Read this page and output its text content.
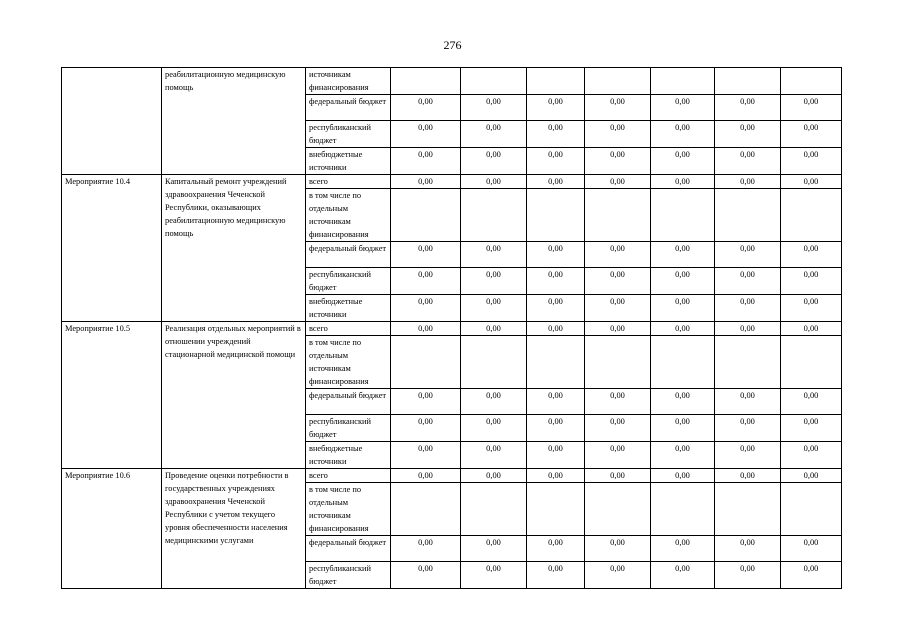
276
	реабилитационную медицинскую помощь	источникам финансирования							
		федеральный бюджет	0,00	0,00	0,00	0,00	0,00	0,00	0,00
		республиканский бюджет	0,00	0,00	0,00	0,00	0,00	0,00	0,00
		внебюджетные источники	0,00	0,00	0,00	0,00	0,00	0,00	0,00
Мероприятие 10.4	Капитальный ремонт учреждений здравоохранения Чеченской Республики, оказывающих реабилитационную медицинскую помощь	всего	0,00	0,00	0,00	0,00	0,00	0,00	0,00
		в том числе по отдельным источникам финансирования							
		федеральный бюджет	0,00	0,00	0,00	0,00	0,00	0,00	0,00
		республиканский бюджет	0,00	0,00	0,00	0,00	0,00	0,00	0,00
		внебюджетные источники	0,00	0,00	0,00	0,00	0,00	0,00	0,00
Мероприятие 10.5	Реализация отдельных мероприятий в отношении учреждений стационарной медицинской помощи	всего	0,00	0,00	0,00	0,00	0,00	0,00	0,00
		в том числе по отдельным источникам финансирования							
		федеральный бюджет	0,00	0,00	0,00	0,00	0,00	0,00	0,00
		республиканский бюджет	0,00	0,00	0,00	0,00	0,00	0,00	0,00
		внебюджетные источники	0,00	0,00	0,00	0,00	0,00	0,00	0,00
Мероприятие 10.6	Проведение оценки потребности в государственных учреждениях здравоохранения Чеченской Республики с учетом текущего уровня обеспеченности населения медицинскими услугами	всего	0,00	0,00	0,00	0,00	0,00	0,00	0,00
		в том числе по отдельным источникам финансирования							
		федеральный бюджет	0,00	0,00	0,00	0,00	0,00	0,00	0,00
		республиканский бюджет	0,00	0,00	0,00	0,00	0,00	0,00	0,00
